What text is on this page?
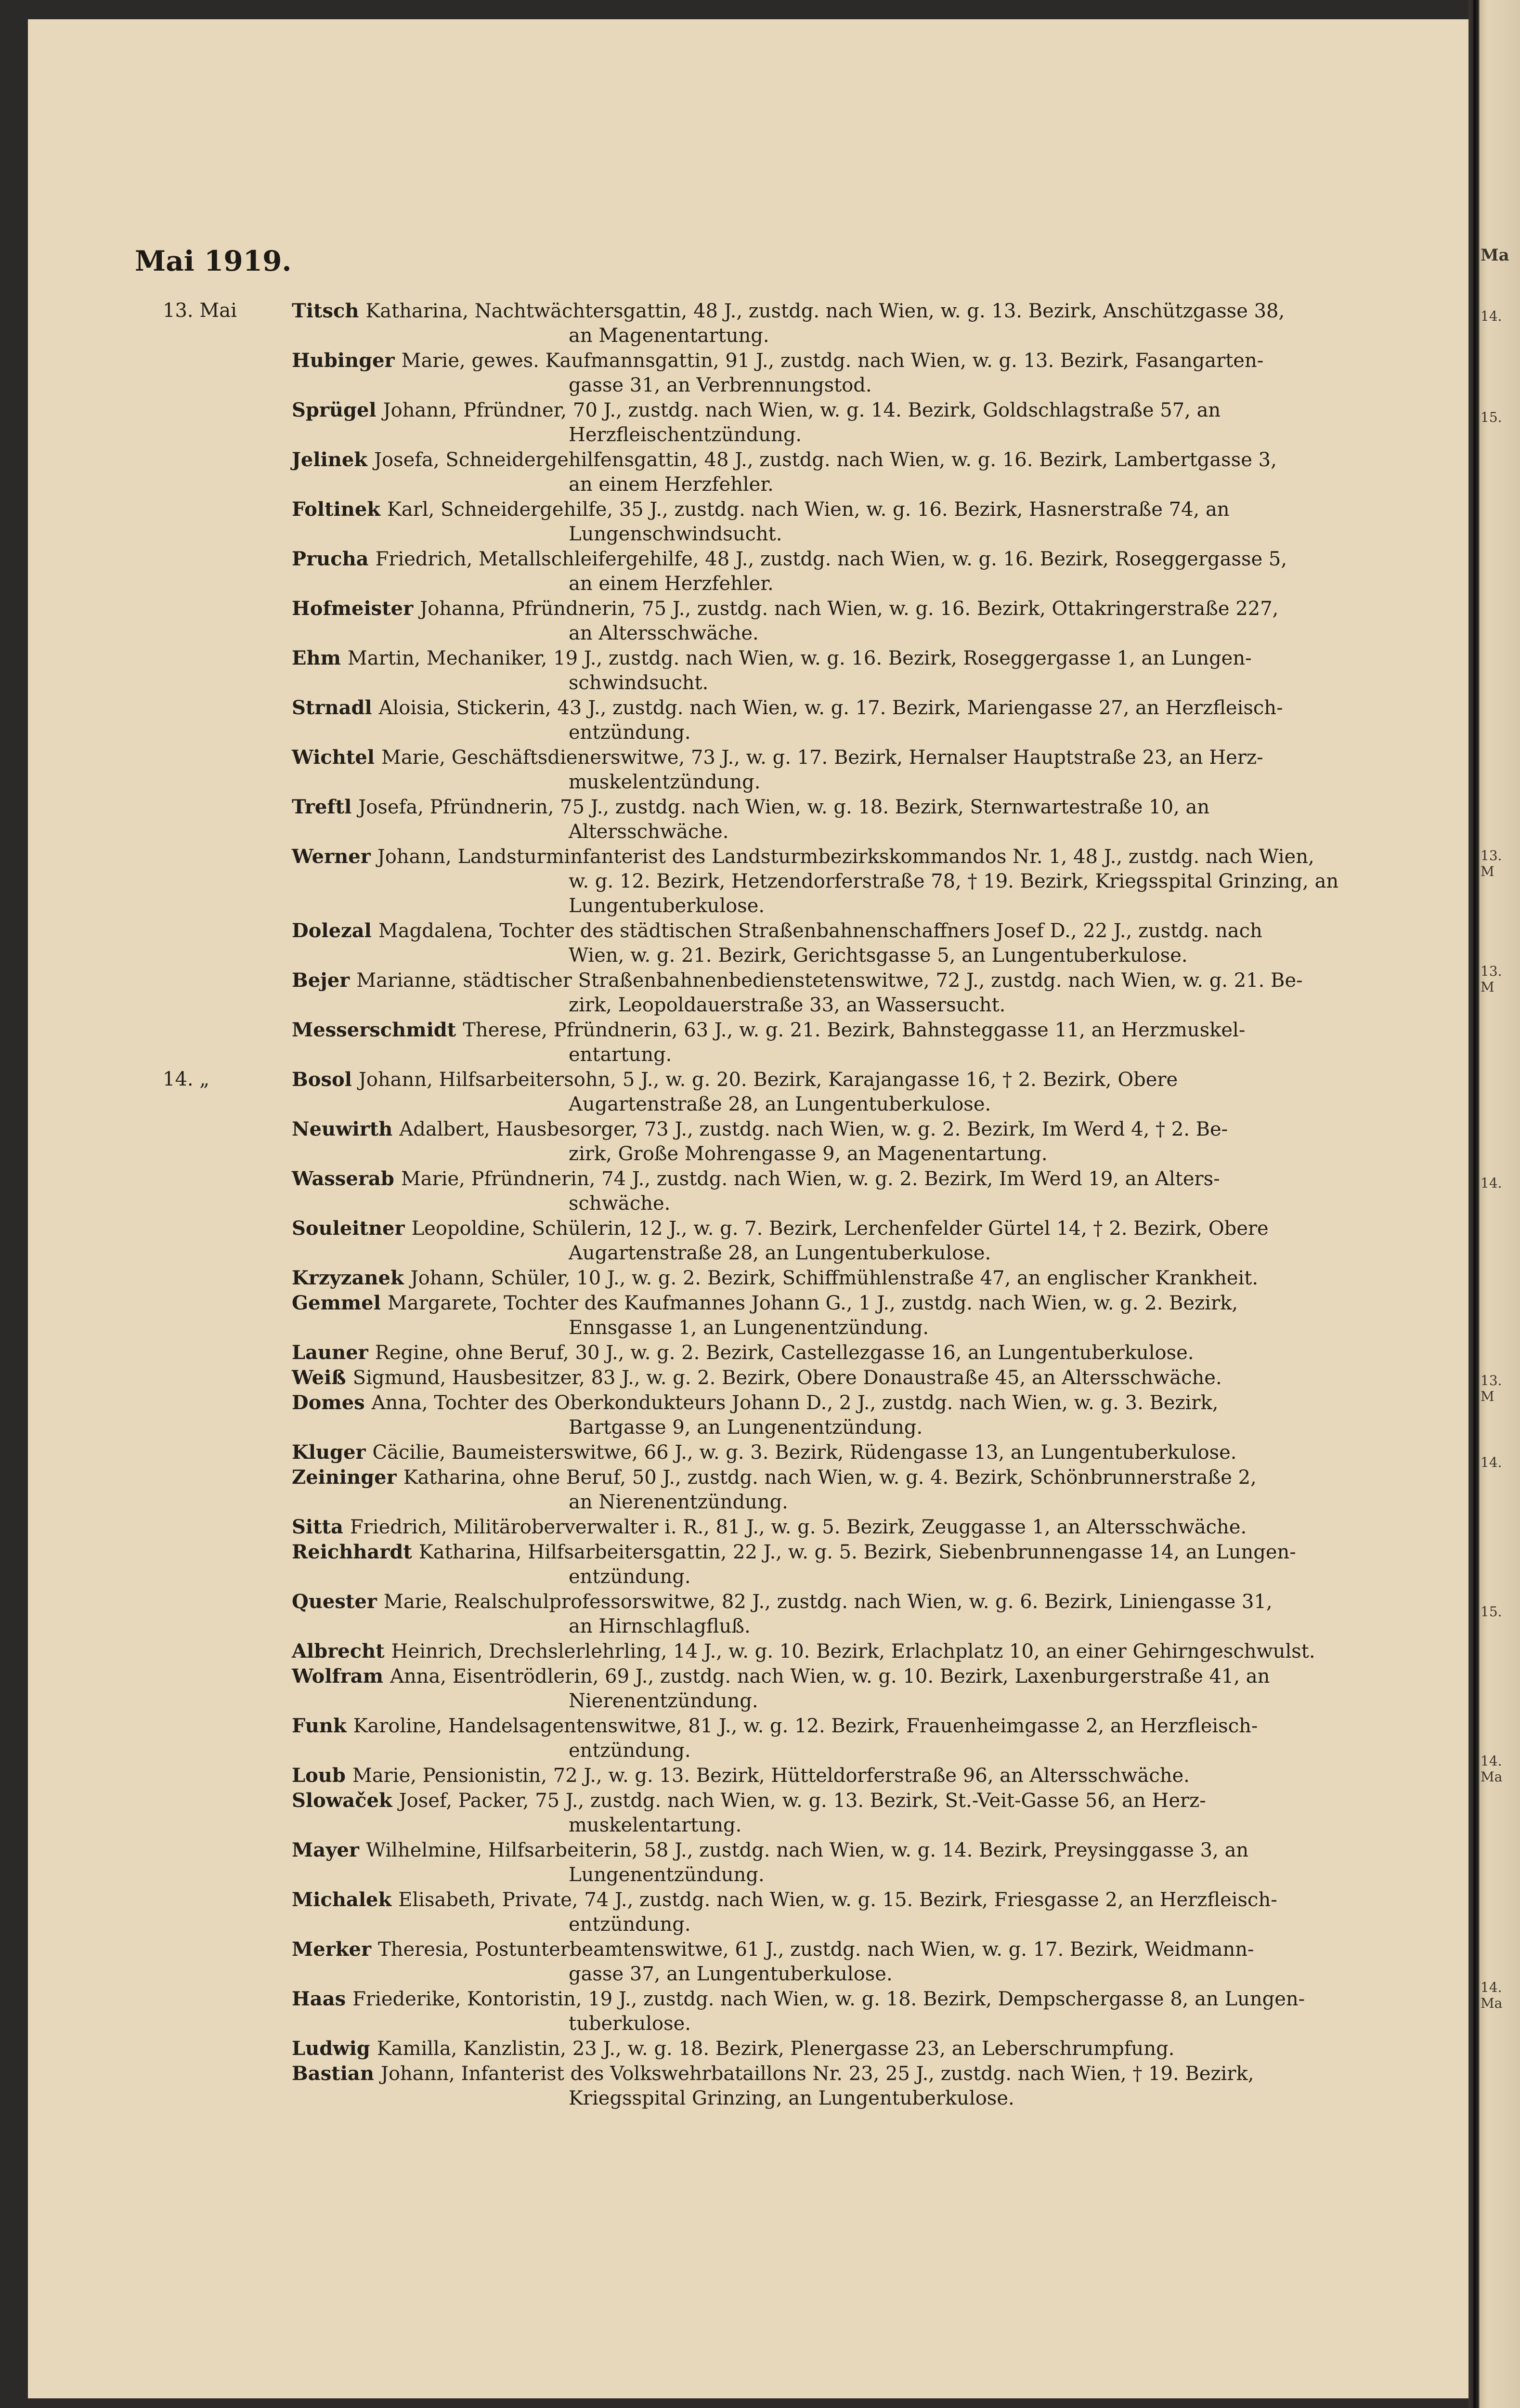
Mai 1919.
13. Mai	Titsch Katharina, Nachtwächtersgattin, 48 J., zustdg. nach Wien, w. g. 13. Bezirk, Anschützgasse 38,
an Magenentartung.
Hubinger Marie, gewes. Kaufmannsgattin, 91 J., zustdg. nach Wien, w. g. 13. Bezirk, Fasangarten-
gasse 31, an Verbrennungstod.
Sprügel Johann, Pfründner, 70 J., zustdg. nach Wien, w. g. 14. Bezirk, Goldschlagstraße 57, an
Herzfleischentzündung.
Jelinek Josefa, Schneidergehilfensgattin, 48 J., zustdg. nach Wien, w. g. 16. Bezirk, Lambertgasse 3,
an einem Herzfehler.
Foltinek Karl, Schneidergehilfe, 35 J., zustdg. nach Wien, w. g. 16. Bezirk, Hasnerstraße 74, an
Lungenschwindsucht.
Prucha Friedrich, Metallschleifergehilfe, 48 J., zustdg. nach Wien, w. g. 16. Bezirk, Roseggergasse 5,
an einem Herzfehler.
Hofmeister Johanna, Pfründnerin, 75 J., zustdg. nach Wien, w. g. 16. Bezirk, Ottakringerstraße 227,
an Altersschwäche.
Ehm Martin, Mechaniker, 19 J., zustdg. nach Wien, w. g. 16. Bezirk, Roseggergasse 1, an Lungen-
schwindsucht.
Strnadl Aloisia, Stickerin, 43 J., zustdg. nach Wien, w. g. 17. Bezirk, Mariengasse 27, an Herzfleisch-
entzündung.
Wichtel Marie, Geschäftsdienerswitwe, 73 J., w. g. 17. Bezirk, Hernalser Hauptstraße 23, an Herz-
muskelentzündung.
Treftl Josefa, Pfründnerin, 75 J., zustdg. nach Wien, w. g. 18. Bezirk, Sternwartestraße 10, an
Altersschwäche.
Werner Johann, Landsturminfanterist des Landsturmbezirkskommandos Nr. 1, 48 J., zustdg. nach Wien,
w. g. 12. Bezirk, Hetzendorferstraße 78, † 19. Bezirk, Kriegsspital Grinzing, an Lungentuberkulose.
Dolezal Magdalena, Tochter des städtischen Straßenbahnenschaffners Josef D., 22 J., zustdg. nach
Wien, w. g. 21. Bezirk, Gerichtsgasse 5, an Lungentuberkulose.
Bejer Marianne, städtischer Straßenbahnenbedienstetenswitwe, 72 J., zustdg. nach Wien, w. g. 21. Be-
zirk, Leopoldauerstraße 33, an Wassersucht.
Messerschmidt Therese, Pfründnerin, 63 J., w. g. 21. Bezirk, Bahnsteggasse 11, an Herzmuskel-
entartung.
14. „	Bosol Johann, Hilfsarbeitersohn, 5 J., w. g. 20. Bezirk, Karajangasse 16, † 2. Bezirk, Obere
Augartenstraße 28, an Lungentuberkulose.
Neuwirth Adalbert, Hausbesorger, 73 J., zustdg. nach Wien, w. g. 2. Bezirk, Im Werd 4, † 2. Be-
zirk, Große Mohrengasse 9, an Magenentartung.
Wasserab Marie, Pfründnerin, 74 J., zustdg. nach Wien, w. g. 2. Bezirk, Im Werd 19, an Alters-
schwäche.
Souleitner Leopoldine, Schülerin, 12 J., w. g. 7. Bezirk, Lerchenfelder Gürtel 14, † 2. Bezirk, Obere
Augartenstraße 28, an Lungentuberkulose.
Krzyzanek Johann, Schüler, 10 J., w. g. 2. Bezirk, Schiffmühlenstraße 47, an englischer Krankheit.
Gemmel Margarete, Tochter des Kaufmannes Johann G., 1 J., zustdg. nach Wien, w. g. 2. Bezirk,
Ennsgasse 1, an Lungenentzündung.
Launer Regine, ohne Beruf, 30 J., w. g. 2. Bezirk, Castellezgasse 16, an Lungentuberkulose.
Weiß Sigmund, Hausbesitzer, 83 J., w. g. 2. Bezirk, Obere Donaustraße 45, an Altersschwäche.
Domes Anna, Tochter des Oberkondukteurs Johann D., 2 J., zustdg. nach Wien, w. g. 3. Bezirk,
Bartgasse 9, an Lungenentzündung.
Kluger Cäcilie, Baumeisterswitwe, 66 J., w. g. 3. Bezirk, Rüdengasse 13, an Lungentuberkulose.
Zeininger Katharina, ohne Beruf, 50 J., zustdg. nach Wien, w. g. 4. Bezirk, Schönbrunnerstraße 2,
an Nierenentzündung.
Sitta Friedrich, Militäroberverwalter i. R., 81 J., w. g. 5. Bezirk, Zeuggasse 1, an Altersschwäche.
Reichhardt Katharina, Hilfsarbeitersgattin, 22 J., w. g. 5. Bezirk, Siebenbrunnengasse 14, an Lungen-
entzündung.
Quester Marie, Realschulprofessorswitwe, 82 J., zustdg. nach Wien, w. g. 6. Bezirk, Liniengasse 31,
an Hirnschlagfluß.
Albrecht Heinrich, Drechslerlehrling, 14 J., w. g. 10. Bezirk, Erlachplatz 10, an einer Gehirngeschwulst.
Wolfram Anna, Eisentrödlerin, 69 J., zustdg. nach Wien, w. g. 10. Bezirk, Laxenburgerstraße 41, an
Nierenentzündung.
Funk Karoline, Handelsagentenswitwe, 81 J., w. g. 12. Bezirk, Frauenheimgasse 2, an Herzfleisch-
entzündung.
Loub Marie, Pensionistin, 72 J., w. g. 13. Bezirk, Hütteldorferstraße 96, an Altersschwäche.
Slowaček Josef, Packer, 75 J., zustdg. nach Wien, w. g. 13. Bezirk, St.-Veit-Gasse 56, an Herz-
muskelentartung.
Mayer Wilhelmine, Hilfsarbeiterin, 58 J., zustdg. nach Wien, w. g. 14. Bezirk, Preysinggasse 3, an
Lungenentzündung.
Michalek Elisabeth, Private, 74 J., zustdg. nach Wien, w. g. 15. Bezirk, Friesgasse 2, an Herzfleisch-
entzündung.
Merker Theresia, Postunterbeamtenswitwe, 61 J., zustdg. nach Wien, w. g. 17. Bezirk, Weidmann-
gasse 37, an Lungentuberkulose.
Haas Friederike, Kontoristin, 19 J., zustdg. nach Wien, w. g. 18. Bezirk, Dempschergasse 8, an Lungen-
tuberkulose.
Ludwig Kamilla, Kanzlistin, 23 J., w. g. 18. Bezirk, Plenergasse 23, an Leberschrumpfung.
Bastian Johann, Infanterist des Volkswehrbataillons Nr. 23, 25 J., zustdg. nach Wien, † 19. Bezirk,
Kriegsspital Grinzing, an Lungentuberkulose.
Ma
14.
15.
13. M
13. M
14.
13. M
14.
15.
14. Ma
14. Ma
